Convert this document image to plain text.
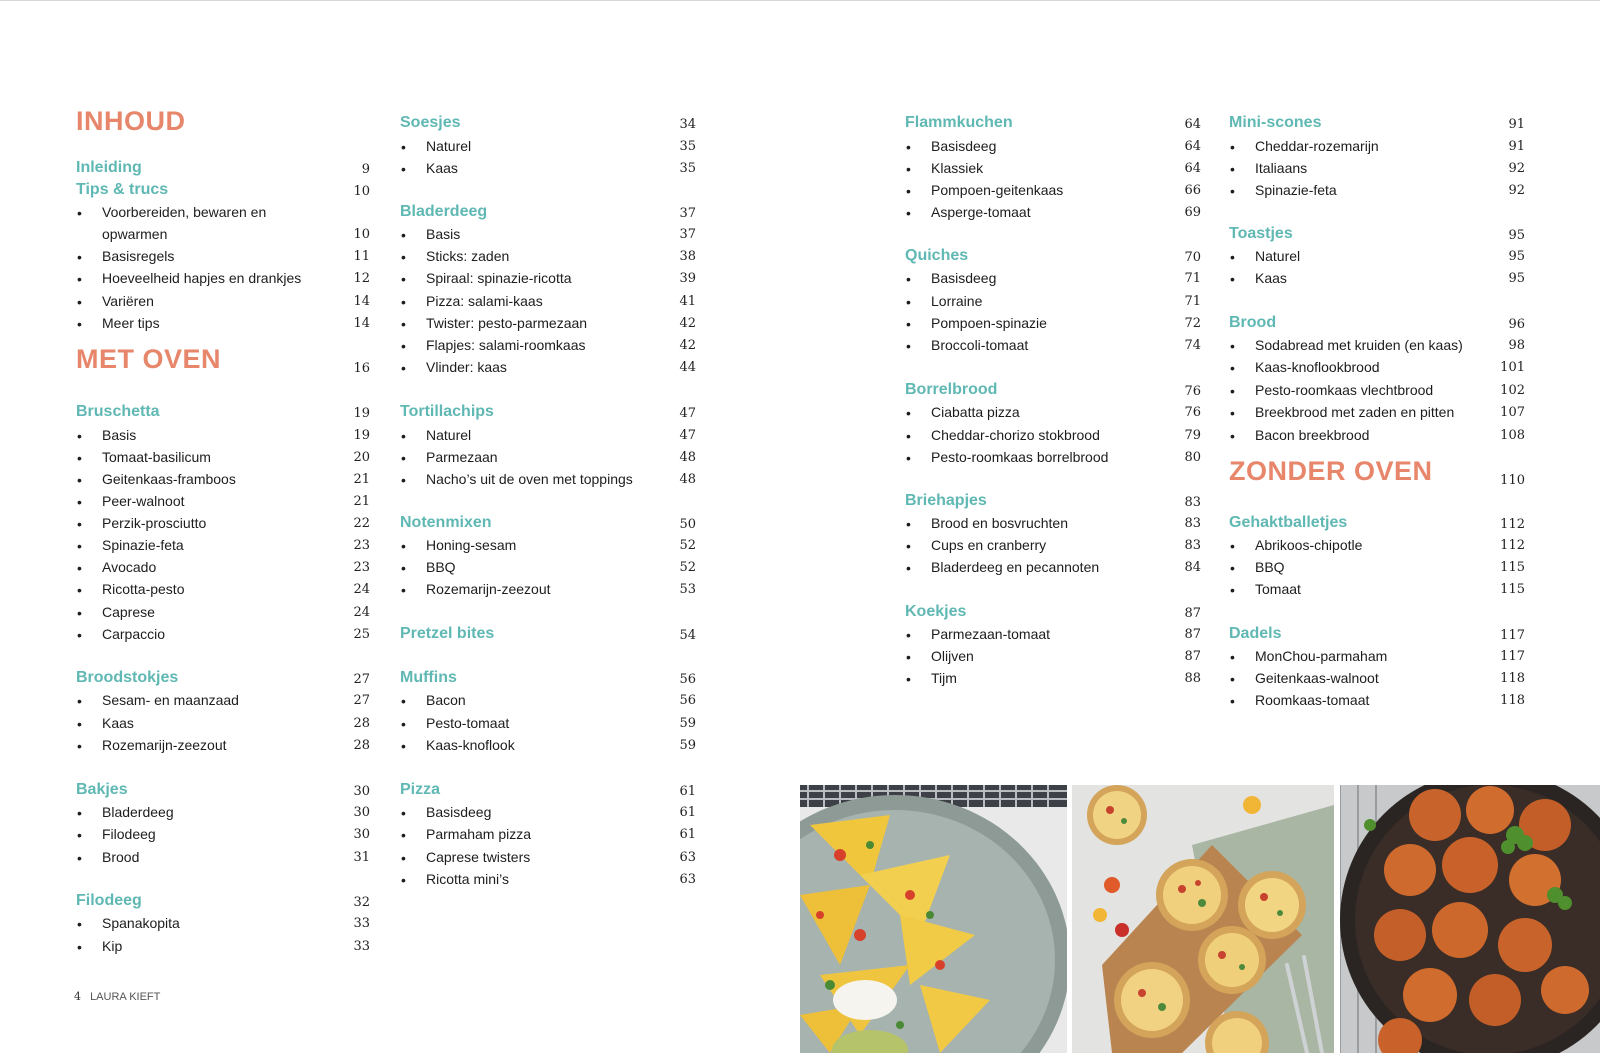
INHOUD
Inleiding	9
Tips & trucs	10
• Voorbereiden, bewaren en
opwarmen	10
• Basisregels	11
• Hoeveelheid hapjes en drankjes	12
• Variëren	14
• Meer tips	14
MET OVEN	16
Bruschetta	19
• Basis	19
• Tomaat-basilicum	20
• Geitenkaas-framboos	21
• Peer-walnoot	21
• Perzik-prosciutto	22
• Spinazie-feta	23
• Avocado	23
• Ricotta-pesto	24
• Caprese	24
• Carpaccio	25
Broodstokjes	27
• Sesam- en maanzaad	27
• Kaas	28
• Rozemarijn-zeezout	28
Bakjes	30
• Bladerdeeg	30
• Filodeeg	30
• Brood	31
Filodeeg	32
• Spanakopita	33
• Kip	33
Soesjes	34
• Naturel	35
• Kaas	35
Bladerdeeg	37
• Basis	37
• Sticks: zaden	38
• Spiraal: spinazie-ricotta	39
• Pizza: salami-kaas	41
• Twister: pesto-parmezaan	42
• Flapjes: salami-roomkaas	42
• Vlinder: kaas	44
Tortillachips	47
• Naturel	47
• Parmezaan	48
• Nacho’s uit de oven met toppings	48
Notenmixen	50
• Honing-sesam	52
• BBQ	52
• Rozemarijn-zeezout	53
Pretzel bites	54
Muffins	56
• Bacon	56
• Pesto-tomaat	59
• Kaas-knoflook	59
Pizza	61
• Basisdeeg	61
• Parmaham pizza	61
• Caprese twisters	63
• Ricotta mini’s	63
Flammkuchen	64
• Basisdeeg	64
• Klassiek	64
• Pompoen-geitenkaas	66
• Asperge-tomaat	69
Quiches	70
• Basisdeeg	71
• Lorraine	71
• Pompoen-spinazie	72
• Broccoli-tomaat	74
Borrelbrood	76
• Ciabatta pizza	76
• Cheddar-chorizo stokbrood	79
• Pesto-roomkaas borrelbrood	80
Briehapjes	83
• Brood en bosvruchten	83
• Cups en cranberry	83
• Bladerdeeg en pecannoten	84
Koekjes	87
• Parmezaan-tomaat	87
• Olijven	87
• Tijm	88
Mini-scones	91
• Cheddar-rozemarijn	91
• Italiaans	92
• Spinazie-feta	92
Toastjes	95
• Naturel	95
• Kaas	95
Brood	96
• Sodabread met kruiden (en kaas)	98
• Kaas-knoflookbrood	101
• Pesto-roomkaas vlechtbrood	102
• Breekbrood met zaden en pitten	107
• Bacon breekbrood	108
ZONDER OVEN	110
Gehaktballetjes	112
• Abrikoos-chipotle	112
• BBQ	115
• Tomaat	115
Dadels	117
• MonChou-parmaham	117
• Geitenkaas-walnoot	118
• Roomkaas-tomaat	118
4 LAURA KIEFT
